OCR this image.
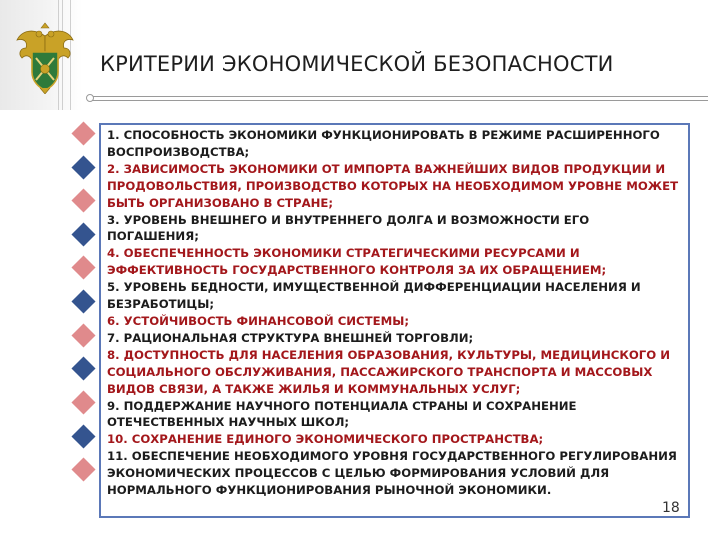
КРИТЕРИИ ЭКОНОМИЧЕСКОЙ БЕЗОПАСНОСТИ

1. СПОСОБНОСТЬ ЭКОНОМИКИ ФУНКЦИОНИРОВАТЬ В РЕЖИМЕ РАСШИРЕННОГО ВОСПРОИЗВОДСТВА;

2. ЗАВИСИМОСТЬ ЭКОНОМИКИ ОТ ИМПОРТА ВАЖНЕЙШИХ ВИДОВ ПРОДУКЦИИ И ПРОДОВОЛЬСТВИЯ, ПРОИЗВОДСТВО КОТОРЫХ НА НЕОБХОДИМОМ УРОВНЕ МОЖЕТ БЫТЬ ОРГАНИЗОВАНО В СТРАНЕ;

3. УРОВЕНЬ ВНЕШНЕГО И ВНУТРЕННЕГО ДОЛГА И ВОЗМОЖНОСТИ ЕГО ПОГАШЕНИЯ;

4. ОБЕСПЕЧЕННОСТЬ ЭКОНОМИКИ СТРАТЕГИЧЕСКИМИ РЕСУРСАМИ И ЭФФЕКТИВНОСТЬ ГОСУДАРСТВЕННОГО КОНТРОЛЯ ЗА ИХ ОБРАЩЕНИЕМ;

5. УРОВЕНЬ БЕДНОСТИ, ИМУЩЕСТВЕННОЙ ДИФФЕРЕНЦИАЦИИ НАСЕЛЕНИЯ И БЕЗРАБОТИЦЫ;

6. УСТОЙЧИВОСТЬ ФИНАНСОВОЙ СИСТЕМЫ;

7. РАЦИОНАЛЬНАЯ СТРУКТУРА ВНЕШНЕЙ ТОРГОВЛИ;

8. ДОСТУПНОСТЬ ДЛЯ НАСЕЛЕНИЯ ОБРАЗОВАНИЯ, КУЛЬТУРЫ, МЕДИЦИНСКОГО И СОЦИАЛЬНОГО ОБСЛУЖИВАНИЯ, ПАССАЖИРСКОГО ТРАНСПОРТА И МАССОВЫХ ВИДОВ СВЯЗИ, А ТАКЖЕ ЖИЛЬЯ И КОММУНАЛЬНЫХ УСЛУГ;

9. ПОДДЕРЖАНИЕ НАУЧНОГО ПОТЕНЦИАЛА СТРАНЫ И СОХРАНЕНИЕ ОТЕЧЕСТВЕННЫХ НАУЧНЫХ ШКОЛ;

10. СОХРАНЕНИЕ ЕДИНОГО ЭКОНОМИЧЕСКОГО ПРОСТРАНСТВА;

11. ОБЕСПЕЧЕНИЕ НЕОБХОДИМОГО УРОВНЯ ГОСУДАРСТВЕННОГО РЕГУЛИРОВАНИЯ ЭКОНОМИЧЕСКИХ ПРОЦЕССОВ С ЦЕЛЬЮ ФОРМИРОВАНИЯ УСЛОВИЙ ДЛЯ НОРМАЛЬНОГО ФУНКЦИОНИРОВАНИЯ РЫНОЧНОЙ ЭКОНОМИКИ.

18
